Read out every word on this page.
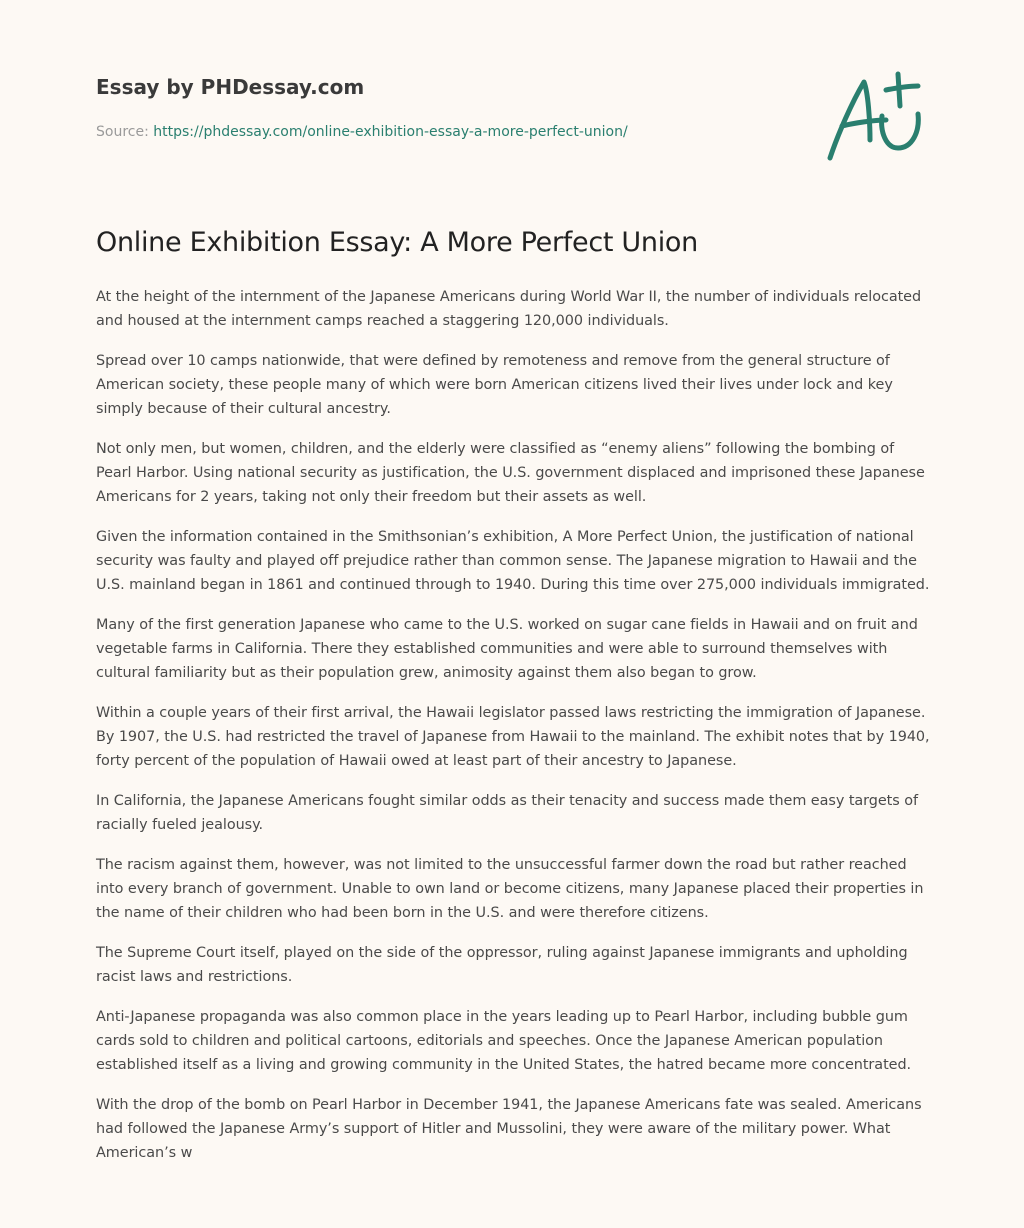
Essay by PHDessay.com

Source: https://phdessay.com/online-exhibition-essay-a-more-perfect-union/

Online Exhibition Essay: A More Perfect Union

At the height of the internment of the Japanese Americans during World War II, the number of individuals relocated and housed at the internment camps reached a staggering 120,000 individuals.

Spread over 10 camps nationwide, that were defined by remoteness and remove from the general structure of American society, these people many of which were born American citizens lived their lives under lock and key simply because of their cultural ancestry.

Not only men, but women, children, and the elderly were classified as “enemy aliens” following the bombing of Pearl Harbor. Using national security as justification, the U.S. government displaced and imprisoned these Japanese Americans for 2 years, taking not only their freedom but their assets as well.

Given the information contained in the Smithsonian’s exhibition, A More Perfect Union, the justification of national security was faulty and played off prejudice rather than common sense. The Japanese migration to Hawaii and the U.S. mainland began in 1861 and continued through to 1940. During this time over 275,000 individuals immigrated.

Many of the first generation Japanese who came to the U.S. worked on sugar cane fields in Hawaii and on fruit and vegetable farms in California. There they established communities and were able to surround themselves with cultural familiarity but as their population grew, animosity against them also began to grow.

Within a couple years of their first arrival, the Hawaii legislator passed laws restricting the immigration of Japanese. By 1907, the U.S. had restricted the travel of Japanese from Hawaii to the mainland. The exhibit notes that by 1940, forty percent of the population of Hawaii owed at least part of their ancestry to Japanese.

In California, the Japanese Americans fought similar odds as their tenacity and success made them easy targets of racially fueled jealousy.

The racism against them, however, was not limited to the unsuccessful farmer down the road but rather reached into every branch of government. Unable to own land or become citizens, many Japanese placed their properties in the name of their children who had been born in the U.S. and were therefore citizens.

The Supreme Court itself, played on the side of the oppressor, ruling against Japanese immigrants and upholding racist laws and restrictions.

Anti-Japanese propaganda was also common place in the years leading up to Pearl Harbor, including bubble gum cards sold to children and political cartoons, editorials and speeches. Once the Japanese American population established itself as a living and growing community in the United States, the hatred became more concentrated.

With the drop of the bomb on Pearl Harbor in December 1941, the Japanese Americans fate was sealed. Americans had followed the Japanese Army’s support of Hitler and Mussolini, they were aware of the military power. What American’s w
